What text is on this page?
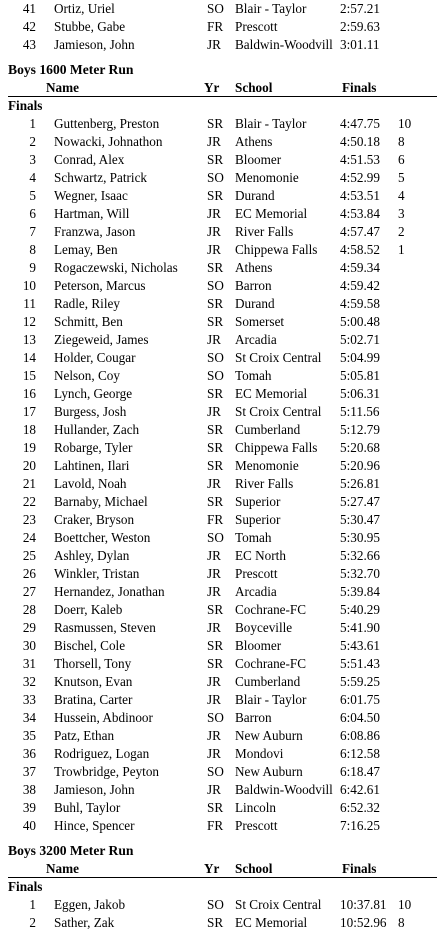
41 Ortiz, Uriel	SO Blair - Taylor	2:57.21
42 Stubbe, Gabe	FR Prescott	2:59.63
43 Jamieson, John	JR Baldwin-Woodvill 3:01.11
Boys 1600 Meter Run
Name	Yr School	Finals
Finals
1 Guttenberg, Preston	SR Blair - Taylor	4:47.75 10
2 Nowacki, Johnathon	JR Athens	4:50.18 8
3 Conrad, Alex	SR Bloomer	4:51.53 6
4 Schwartz, Patrick	SO Menomonie	4:52.99 5
5 Wegner, Isaac	SR Durand	4:53.51 4
6 Hartman, Will	JR EC Memorial 4:53.84 3
7 Franzwa, Jason	JR River Falls	4:57.47 2
8 Lemay, Ben	JR Chippewa Falls 4:58.52 1
9 Rogaczewski, Nicholas SR Athens	4:59.34
10 Peterson, Marcus	SO Barron	4:59.42
11 Radle, Riley	SR Durand	4:59.58
12 Schmitt, Ben	SR Somerset	5:00.48
13 Ziegeweid, James	JR Arcadia	5:02.71
14 Holder, Cougar	SO St Croix Central 5:04.99
15 Nelson, Coy	SO Tomah	5:05.81
16 Lynch, George	SR EC Memorial 5:06.31
17 Burgess, Josh	JR St Croix Central 5:11.56
18 Hullander, Zach	SR Cumberland	5:12.79
19 Robarge, Tyler	SR Chippewa Falls 5:20.68
20 Lahtinen, Ilari	SR Menomonie	5:20.96
21 Lavold, Noah	JR River Falls	5:26.81
22 Barnaby, Michael	SR Superior	5:27.47
23 Craker, Bryson	FR Superior	5:30.47
24 Boettcher, Weston	SO Tomah	5:30.95
25 Ashley, Dylan	JR EC North	5:32.66
26 Winkler, Tristan	JR Prescott	5:32.70
27 Hernandez, Jonathan	JR Arcadia	5:39.84
28 Doerr, Kaleb	SR Cochrane-FC	5:40.29
29 Rasmussen, Steven	JR Boyceville	5:41.90
30 Bischel, Cole	SR Bloomer	5:43.61
31 Thorsell, Tony	SR Cochrane-FC	5:51.43
32 Knutson, Evan	JR Cumberland	5:59.25
33 Bratina, Carter	JR Blair - Taylor	6:01.75
34 Hussein, Abdinoor	SO Barron	6:04.50
35 Patz, Ethan	JR New Auburn	6:08.86
36 Rodriguez, Logan	JR Mondovi	6:12.58
37 Trowbridge, Peyton	SO New Auburn	6:18.47
38 Jamieson, John	JR Baldwin-Woodvill 6:42.61
39 Buhl, Taylor	SR Lincoln	6:52.32
40 Hince, Spencer	FR Prescott	7:16.25
Boys 3200 Meter Run
Name	Yr School	Finals
Finals
1 Eggen, Jakob	SO St Croix Central 10:37.81 10
2 Sather, Zak	SR EC Memorial 10:52.96 8
